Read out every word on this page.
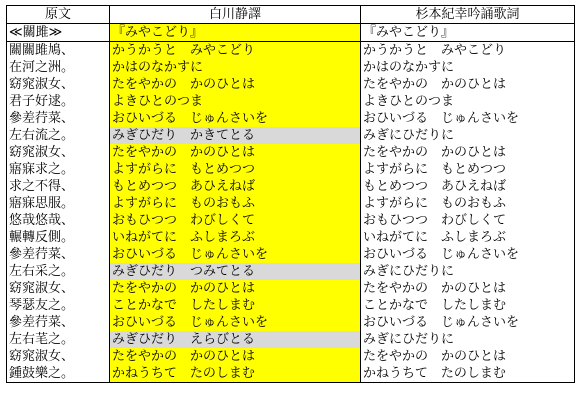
原文	白川静譯	杉本紀幸吟誦歌詞
≪關雎≫	『みやこどり』	『みやこどり』
關關雎鳩、	かうかうと　みやこどり	かうかうと　みやこどり
在河之洲。	かはのなかすに	かはのなかすに
窈窕淑女、	たをやかの　かのひとは	たをやかの　かのひとは
君子好逑。	よきひとのつま	よきひとのつま
參差荇菜、	おひいづる　じゅんさいを	おひいづる　じゅんさいを
左右流之。	みぎひだり　かきてとる	みぎにひだりに
窈窕淑女、	たをやかの　かのひとは	たをやかの　かのひとは
寤寐求之。	よすがらに　もとめつつ	よすがらに　もとめつつ
求之不得、	もとめつつ　あひえねば	もとめつつ　あひえねば
寤寐思服。	よすがらに　ものおもふ	よすがらに　ものおもふ
悠哉悠哉、	おもひつつ　わびしくて	おもひつつ　わびしくて
輾轉反側。	いねがてに　ふしまろぶ	いねがてに　ふしまろぶ
參差荇菜、	おひいづる　じゅんさいを	おひいづる　じゅんさいを
左右采之。	みぎひだり　つみてとる	みぎにひだりに
窈窕淑女、	たをやかの　かのひとは	たをやかの　かのひとは
琴瑟友之。	ことかなで　したしまむ	ことかなで　したしまむ
參差荇菜、	おひいづる　じゅんさいを	おひいづる　じゅんさいを
左右芼之。	みぎひだり　えらびとる	みぎにひだりに
窈窕淑女、	たをやかの　かのひとは	たをやかの　かのひとは
鍾鼓樂之。	かねうちて　たのしまむ	かねうちて　たのしまむ
